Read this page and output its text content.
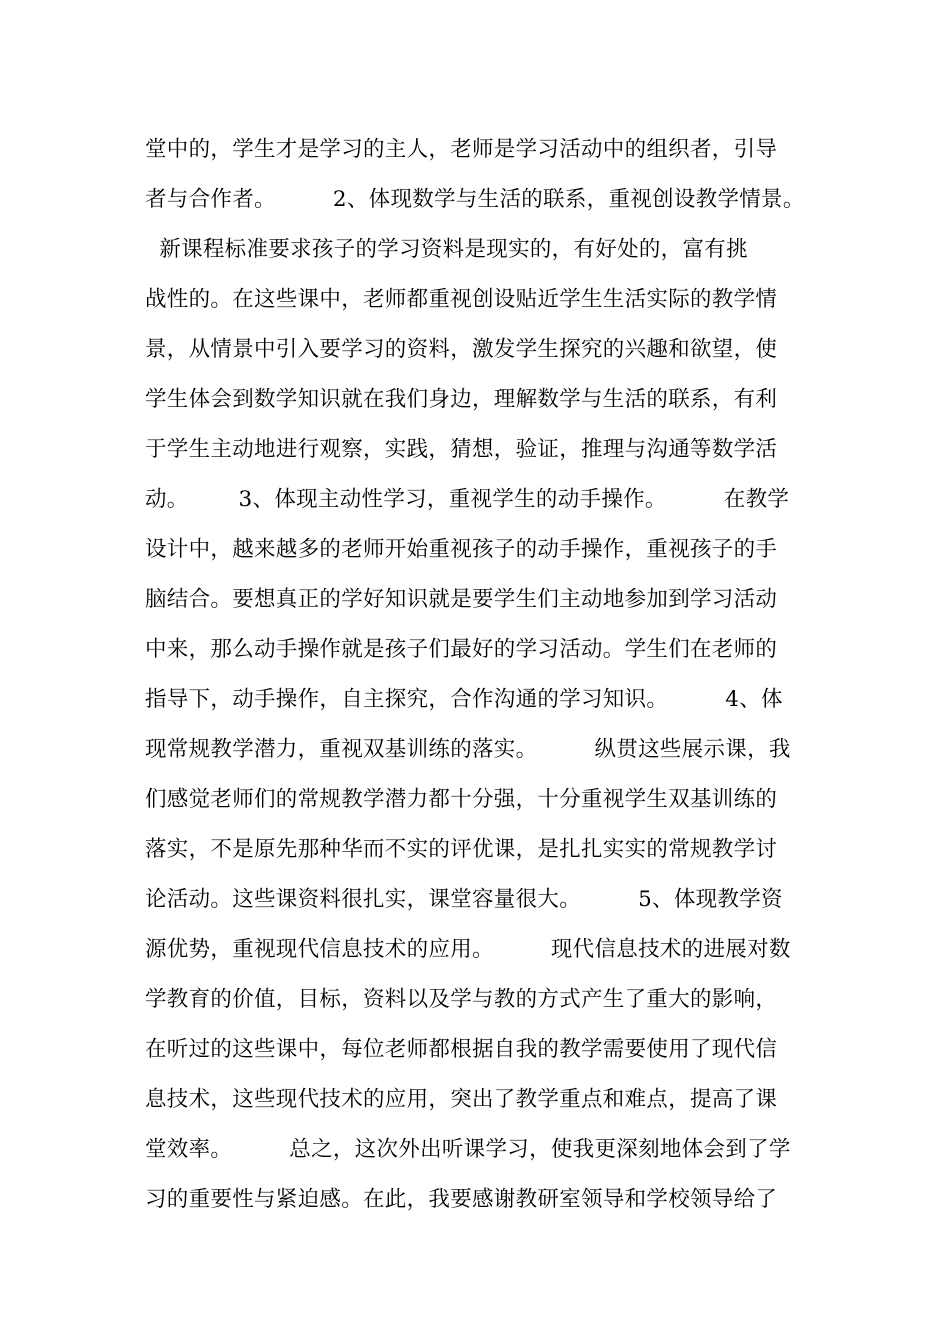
堂中的，学生才是学习的主人，老师是学习活动中的组织者，引导
者与合作者。        2、体现数学与生活的联系，重视创设教学情景。
新课程标准要求孩子的学习资料是现实的，有好处的，富有挑
战性的。在这些课中，老师都重视创设贴近学生生活实际的教学情
景，从情景中引入要学习的资料，激发学生探究的兴趣和欲望，使
学生体会到数学知识就在我们身边，理解数学与生活的联系，有利
于学生主动地进行观察，实践，猜想，验证，推理与沟通等数学活
动。       3、体现主动性学习，重视学生的动手操作。        在教学
设计中，越来越多的老师开始重视孩子的动手操作，重视孩子的手
脑结合。要想真正的学好知识就是要学生们主动地参加到学习活动
中来，那么动手操作就是孩子们最好的学习活动。学生们在老师的
指导下，动手操作，自主探究，合作沟通的学习知识。        4、体
现常规教学潜力，重视双基训练的落实。        纵贯这些展示课，我
们感觉老师们的常规教学潜力都十分强，十分重视学生双基训练的
落实，不是原先那种华而不实的评优课，是扎扎实实的常规教学讨
论活动。这些课资料很扎实，课堂容量很大。        5、体现教学资
源优势，重视现代信息技术的应用。        现代信息技术的进展对数
学教育的价值，目标，资料以及学与教的方式产生了重大的影响，
在听过的这些课中，每位老师都根据自我的教学需要使用了现代信
息技术，这些现代技术的应用，突出了教学重点和难点，提高了课
堂效率。        总之，这次外出听课学习，使我更深刻地体会到了学
习的重要性与紧迫感。在此，我要感谢教研室领导和学校领导给了
